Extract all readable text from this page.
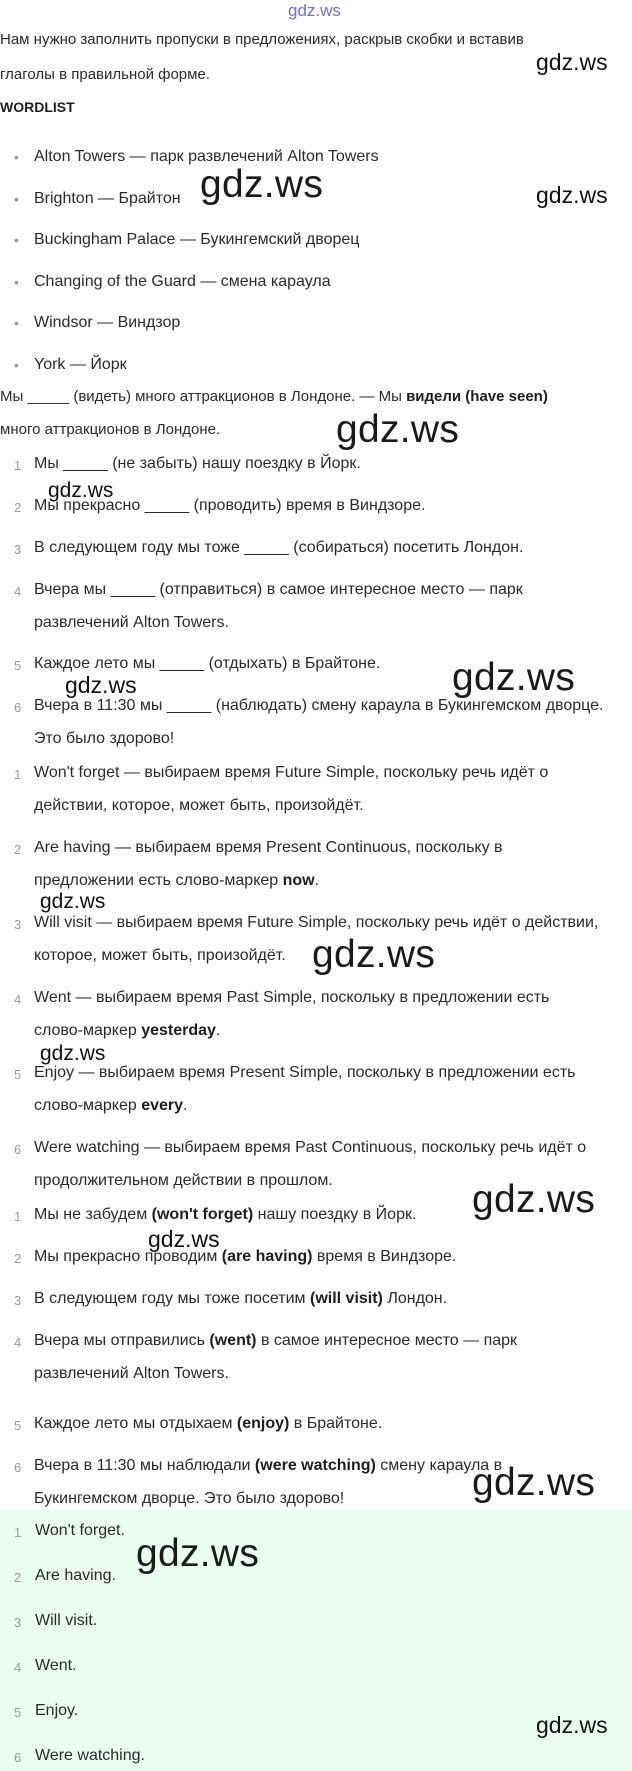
gdz.ws
Нам нужно заполнить пропуски в предложениях, раскрыв скобки и вставив
глаголы в правильной форме.
WORDLIST
• Alton Towers — парк развлечений Alton Towers
• Brighton — Брайтон
• Buckingham Palace — Букингемский дворец
• Changing of the Guard — смена караула
• Windsor — Виндзор
• York — Йорк
Мы _____ (видеть) много аттракционов в Лондоне. — Мы видели (have seen)
много аттракционов в Лондоне.
1 Мы _____ (не забыть) нашу поездку в Йорк.
2 Мы прекрасно _____ (проводить) время в Виндзоре.
3 В следующем году мы тоже _____ (собираться) посетить Лондон.
4 Вчера мы _____ (отправиться) в самое интересное место — парк
развлечений Alton Towers.
5 Каждое лето мы _____ (отдыхать) в Брайтоне.
6 Вчера в 11:30 мы _____ (наблюдать) смену караула в Букингемском дворце.
Это было здорово!
1 Won't forget — выбираем время Future Simple, поскольку речь идёт о
действии, которое, может быть, произойдёт.
2 Are having — выбираем время Present Continuous, поскольку в
предложении есть слово-маркер now.
3 Will visit — выбираем время Future Simple, поскольку речь идёт о действии,
которое, может быть, произойдёт.
4 Went — выбираем время Past Simple, поскольку в предложении есть
слово-маркер yesterday.
5 Enjoy — выбираем время Present Simple, поскольку в предложении есть
слово-маркер every.
6 Were watching — выбираем время Past Continuous, поскольку речь идёт о
продолжительном действии в прошлом.
1 Мы не забудем (won't forget) нашу поездку в Йорк.
2 Мы прекрасно проводим (are having) время в Виндзоре.
3 В следующем году мы тоже посетим (will visit) Лондон.
4 Вчера мы отправились (went) в самое интересное место — парк
развлечений Alton Towers.
5 Каждое лето мы отдыхаем (enjoy) в Брайтоне.
6 Вчера в 11:30 мы наблюдали (were watching) смену караула в
Букингемском дворце. Это было здорово!
1 Won't forget.
2 Are having.
3 Will visit.
4 Went.
5 Enjoy.
6 Were watching.
gdz.ws
gdz.ws	gdz.ws
gdz.ws
gdz.ws
gdz.ws	gdz.ws
gdz.ws
gdz.ws
gdz.ws
gdz.ws
gdz.ws
gdz.ws
gdz.ws
gdz.ws
